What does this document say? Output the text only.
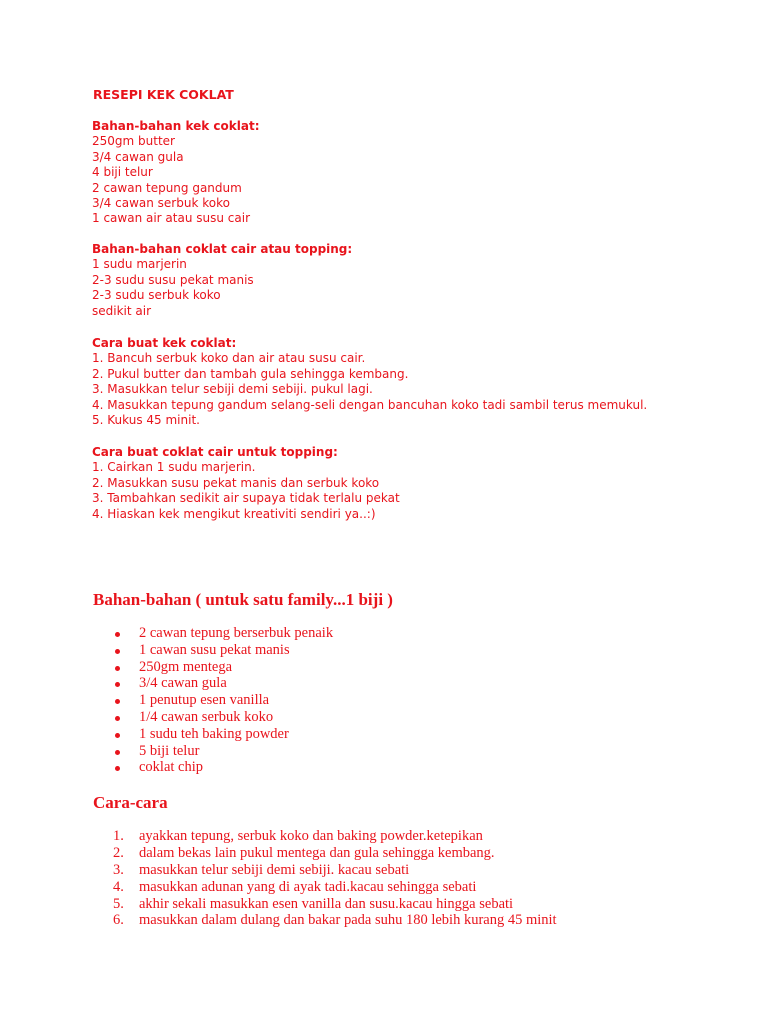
RESEPI KEK COKLAT
Bahan-bahan kek coklat:
250gm butter
3/4 cawan gula
4 biji telur
2 cawan tepung gandum
3/4 cawan serbuk koko
1 cawan air atau susu cair
Bahan-bahan coklat cair atau topping:
1 sudu marjerin
2-3 sudu susu pekat manis
2-3 sudu serbuk koko
sedikit air
Cara buat kek coklat:
1. Bancuh serbuk koko dan air atau susu cair.
2. Pukul butter dan tambah gula sehingga kembang.
3. Masukkan telur sebiji demi sebiji. pukul lagi.
4. Masukkan tepung gandum selang-seli dengan bancuhan koko tadi sambil terus memukul.
5. Kukus 45 minit.
Cara buat coklat cair untuk topping:
1. Cairkan 1 sudu marjerin.
2. Masukkan susu pekat manis dan serbuk koko
3. Tambahkan sedikit air supaya tidak terlalu pekat
4. Hiaskan kek mengikut kreativiti sendiri ya..:)
Bahan-bahan ( untuk satu family...1 biji )
2 cawan tepung berserbuk penaik
1 cawan susu pekat manis
250gm mentega
3/4 cawan gula
1 penutup esen vanilla
1/4 cawan serbuk koko
1 sudu teh baking powder
5 biji telur
coklat chip
Cara-cara
1. ayakkan tepung, serbuk koko dan baking powder.ketepikan
2. dalam bekas lain pukul mentega dan gula sehingga kembang.
3. masukkan telur sebiji demi sebiji. kacau sebati
4. masukkan adunan yang di ayak tadi.kacau sehingga sebati
5. akhir sekali masukkan esen vanilla dan susu.kacau hingga sebati
6. masukkan dalam dulang dan bakar pada suhu 180 lebih kurang 45 minit
